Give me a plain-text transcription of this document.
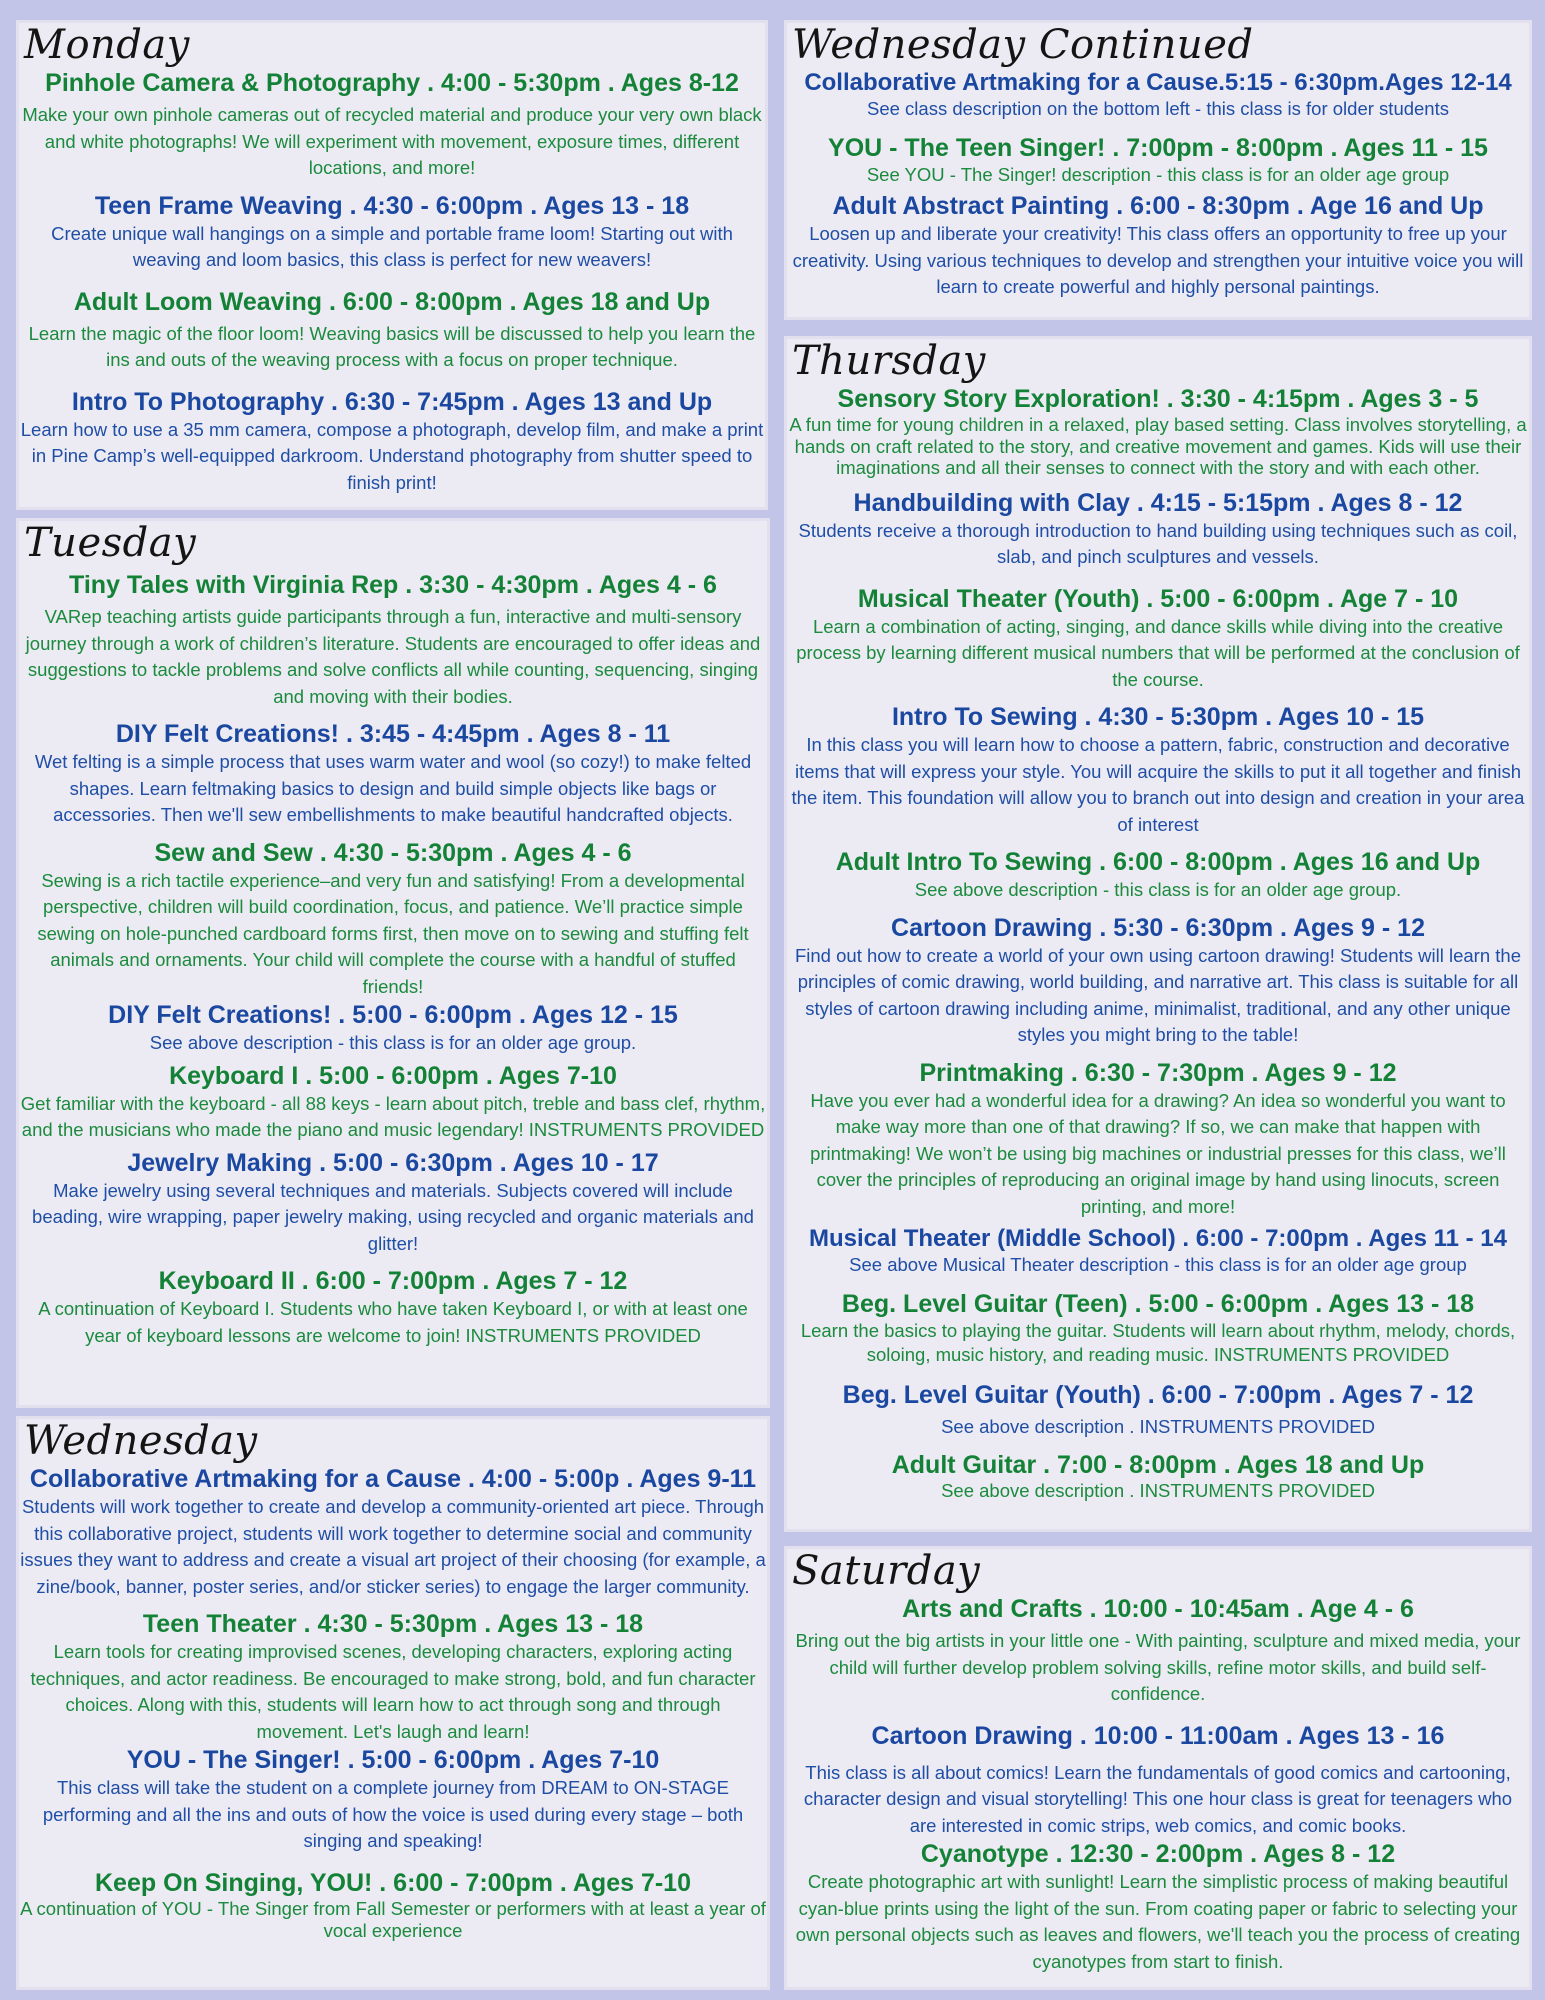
Monday
Pinhole Camera & Photography . 4:00 - 5:30pm . Ages 8-12
Make your own pinhole cameras out of recycled material and produce your very own black and white photographs! We will experiment with movement, exposure times, different locations, and more!
Teen Frame Weaving . 4:30 - 6:00pm . Ages 13 - 18
Create unique wall hangings on a simple and portable frame loom! Starting out with weaving and loom basics, this class is perfect for new weavers!
Adult Loom Weaving . 6:00 - 8:00pm . Ages 18 and Up
Learn the magic of the floor loom! Weaving basics will be discussed to help you learn the ins and outs of the weaving process with a focus on proper technique.
Intro To Photography . 6:30 - 7:45pm . Ages 13 and Up
Learn how to use a 35 mm camera, compose a photograph, develop film, and make a print in Pine Camp’s well-equipped darkroom. Understand photography from shutter speed to finish print!
Tuesday
Tiny Tales with Virginia Rep . 3:30 - 4:30pm . Ages 4 - 6
VARep teaching artists guide participants through a fun, interactive and multi-sensory journey through a work of children’s literature. Students are encouraged to offer ideas and suggestions to tackle problems and solve conflicts all while counting, sequencing, singing and moving with their bodies.
DIY Felt Creations! . 3:45 - 4:45pm . Ages 8 - 11
Wet felting is a simple process that uses warm water and wool (so cozy!) to make felted shapes. Learn feltmaking basics to design and build simple objects like bags or accessories. Then we'll sew embellishments to make beautiful handcrafted objects.
Sew and Sew . 4:30 - 5:30pm . Ages 4 - 6
Sewing is a rich tactile experience–and very fun and satisfying! From a developmental perspective, children will build coordination, focus, and patience. We’ll practice simple sewing on hole-punched cardboard forms first, then move on to sewing and stuffing felt animals and ornaments. Your child will complete the course with a handful of stuffed friends!
DIY Felt Creations! . 5:00 - 6:00pm . Ages 12 - 15
See above description - this class is for an older age group.
Keyboard I . 5:00 - 6:00pm . Ages 7-10
Get familiar with the keyboard - all 88 keys - learn about pitch, treble and bass clef, rhythm, and the musicians who made the piano and music legendary! INSTRUMENTS PROVIDED
Jewelry Making . 5:00 - 6:30pm . Ages 10 - 17
Make jewelry using several techniques and materials. Subjects covered will include beading, wire wrapping, paper jewelry making, using recycled and organic materials and glitter!
Keyboard II . 6:00 - 7:00pm . Ages 7 - 12
A continuation of Keyboard I. Students who have taken Keyboard I, or with at least one year of keyboard lessons are welcome to join! INSTRUMENTS PROVIDED
Wednesday
Collaborative Artmaking for a Cause . 4:00 - 5:00p . Ages 9-11
Students will work together to create and develop a community-oriented art piece. Through this collaborative project, students will work together to determine social and community issues they want to address and create a visual art project of their choosing (for example, a zine/book, banner, poster series, and/or sticker series) to engage the larger community.
Teen Theater . 4:30 - 5:30pm . Ages 13 - 18
Learn tools for creating improvised scenes, developing characters, exploring acting techniques, and actor readiness. Be encouraged to make strong, bold, and fun character choices. Along with this, students will learn how to act through song and through movement. Let's laugh and learn!
YOU - The Singer! . 5:00 - 6:00pm . Ages 7-10
This class will take the student on a complete journey from DREAM to ON-STAGE performing and all the ins and outs of how the voice is used during every stage – both singing and speaking!
Keep On Singing, YOU! . 6:00 - 7:00pm . Ages 7-10
A continuation of YOU - The Singer from Fall Semester or performers with at least a year of vocal experience
Wednesday Continued
Collaborative Artmaking for a Cause.5:15 - 6:30pm.Ages 12-14
See class description on the bottom left - this class is for older students
YOU - The Teen Singer! . 7:00pm - 8:00pm . Ages 11 - 15
See YOU - The Singer! description - this class is for an older age group
Adult Abstract Painting . 6:00 - 8:30pm . Age 16 and Up
Loosen up and liberate your creativity! This class offers an opportunity to free up your creativity. Using various techniques to develop and strengthen your intuitive voice you will learn to create powerful and highly personal paintings.
Thursday
Sensory Story Exploration! . 3:30 - 4:15pm . Ages 3 - 5
A fun time for young children in a relaxed, play based setting. Class involves storytelling, a hands on craft related to the story, and creative movement and games. Kids will use their imaginations and all their senses to connect with the story and with each other.
Handbuilding with Clay . 4:15 - 5:15pm . Ages 8 - 12
Students receive a thorough introduction to hand building using techniques such as coil, slab, and pinch sculptures and vessels.
Musical Theater (Youth) . 5:00 - 6:00pm . Age 7 - 10
Learn a combination of acting, singing, and dance skills while diving into the creative process by learning different musical numbers that will be performed at the conclusion of the course.
Intro To Sewing . 4:30 - 5:30pm . Ages 10 - 15
In this class you will learn how to choose a pattern, fabric, construction and decorative items that will express your style. You will acquire the skills to put it all together and finish the item. This foundation will allow you to branch out into design and creation in your area of interest
Adult Intro To Sewing . 6:00 - 8:00pm . Ages 16 and Up
See above description - this class is for an older age group.
Cartoon Drawing . 5:30 - 6:30pm . Ages 9 - 12
Find out how to create a world of your own using cartoon drawing! Students will learn the principles of comic drawing, world building, and narrative art. This class is suitable for all styles of cartoon drawing including anime, minimalist, traditional, and any other unique styles you might bring to the table!
Printmaking . 6:30 - 7:30pm . Ages 9 - 12
Have you ever had a wonderful idea for a drawing? An idea so wonderful you want to make way more than one of that drawing? If so, we can make that happen with printmaking! We won’t be using big machines or industrial presses for this class, we’ll cover the principles of reproducing an original image by hand using linocuts, screen printing, and more!
Musical Theater (Middle School) . 6:00 - 7:00pm . Ages 11 - 14
See above Musical Theater description - this class is for an older age group
Beg. Level Guitar (Teen) . 5:00 - 6:00pm . Ages 13 - 18
Learn the basics to playing the guitar. Students will learn about rhythm, melody, chords, soloing, music history, and reading music. INSTRUMENTS PROVIDED
Beg. Level Guitar (Youth) . 6:00 - 7:00pm . Ages 7 - 12
See above description . INSTRUMENTS PROVIDED
Adult Guitar . 7:00 - 8:00pm . Ages 18 and Up
See above description . INSTRUMENTS PROVIDED
Saturday
Arts and Crafts . 10:00 - 10:45am . Age 4 - 6
Bring out the big artists in your little one - With painting, sculpture and mixed media, your child will further develop problem solving skills, refine motor skills, and build self-confidence.
Cartoon Drawing . 10:00 - 11:00am . Ages 13 - 16
This class is all about comics! Learn the fundamentals of good comics and cartooning, character design and visual storytelling! This one hour class is great for teenagers who are interested in comic strips, web comics, and comic books.
Cyanotype . 12:30 - 2:00pm . Ages 8 - 12
Create photographic art with sunlight! Learn the simplistic process of making beautiful cyan-blue prints using the light of the sun. From coating paper or fabric to selecting your own personal objects such as leaves and flowers, we'll teach you the process of creating cyanotypes from start to finish.
